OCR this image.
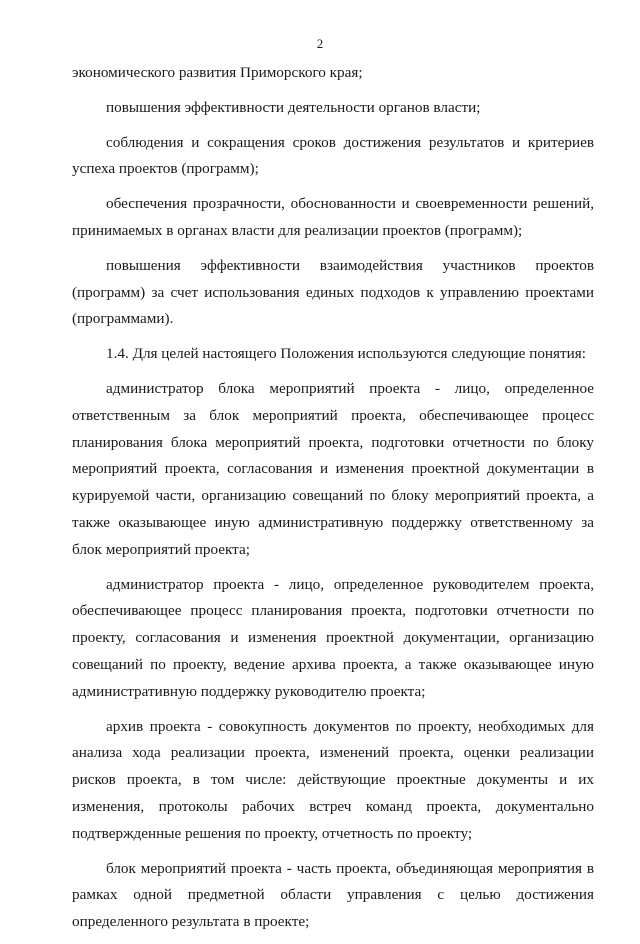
2

экономического развития Приморского края;

повышения эффективности деятельности органов власти;

соблюдения и сокращения сроков достижения результатов и критериев успеха проектов (программ);

обеспечения прозрачности, обоснованности и своевременности решений, принимаемых в органах власти для реализации проектов (программ);

повышения эффективности взаимодействия участников проектов (программ) за счет использования единых подходов к управлению проектами (программами).

1.4. Для целей настоящего Положения используются следующие понятия:

администратор блока мероприятий проекта - лицо, определенное ответственным за блок мероприятий проекта, обеспечивающее процесс планирования блока мероприятий проекта, подготовки отчетности по блоку мероприятий проекта, согласования и изменения проектной документации в курируемой части, организацию совещаний по блоку мероприятий проекта, а также оказывающее иную административную поддержку ответственному за блок мероприятий проекта;

администратор проекта - лицо, определенное руководителем проекта, обеспечивающее процесс планирования проекта, подготовки отчетности по проекту, согласования и изменения проектной документации, организацию совещаний по проекту, ведение архива проекта, а также оказывающее иную административную поддержку руководителю проекта;

архив проекта - совокупность документов по проекту, необходимых для анализа хода реализации проекта, изменений проекта, оценки реализации рисков проекта, в том числе: действующие проектные документы и их изменения, протоколы рабочих встреч команд проекта, документально подтвержденные решения по проекту, отчетность по проекту;

блок мероприятий проекта - часть проекта, объединяющая мероприятия в рамках одной предметной области управления с целью достижения определенного результата в проекте;
